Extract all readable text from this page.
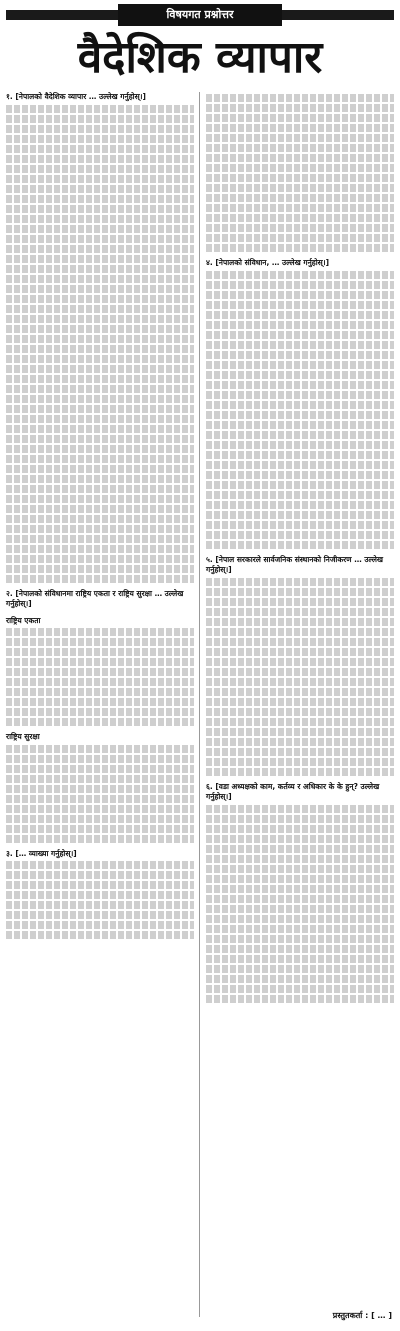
विषयगत प्रश्नोत्तर
वैदेशिक व्यापार
१. [नेपालको वैदेशिक व्यापार … उल्लेख गर्नुहोस्।]
२. [नेपालको संविधानमा राष्ट्रिय एकता र राष्ट्रिय सुरक्षा … उल्लेख गर्नुहोस्।]
राष्ट्रिय एकता
राष्ट्रिय सुरक्षा
३. [… व्याख्या गर्नुहोस्।]
४. [नेपालको संविधान, … उल्लेख गर्नुहोस्।]
५. [नेपाल सरकारले सार्वजनिक संस्थानको निजीकरण … उल्लेख गर्नुहोस्।]
६. [वडा अध्यक्षको काम, कर्तव्य र अधिकार के के हुन्? उल्लेख गर्नुहोस्।]
प्रस्तुतकर्ता : [ … ]
